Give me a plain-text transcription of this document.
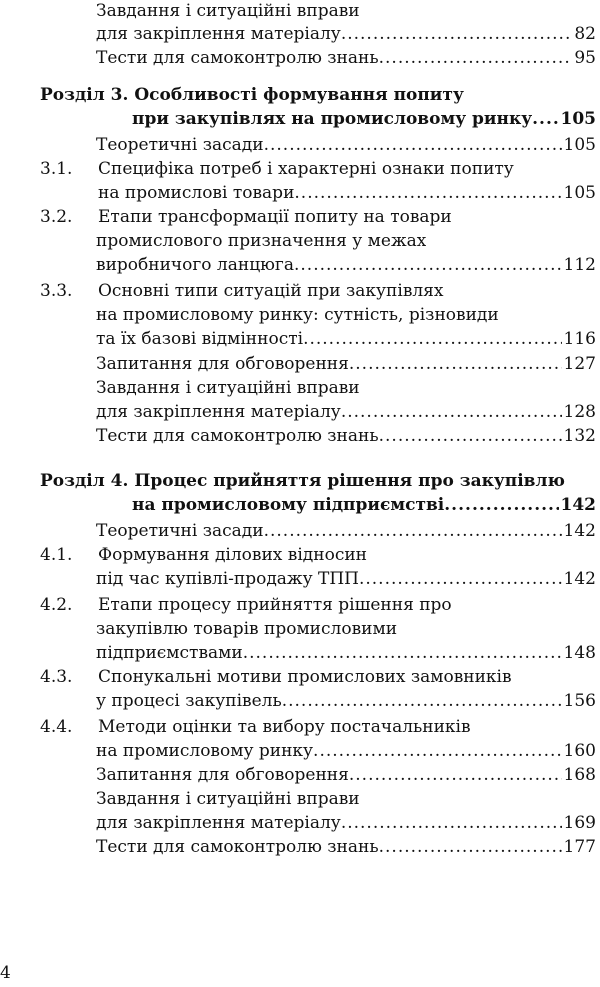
Завдання і ситуаційні вправи
для закріплення матеріалу .....	82
Тести для самоконтролю знань .....	95
Розділ 3. Особливості формування попиту
при закупівлях на промисловому ринку ..... 105
Теоретичні засади .....	105
3.1. Специфіка потреб і характерні ознаки попиту
на промислові товари .....	105
3.2. Етапи трансформації попиту на товари
промислового призначення у межах
виробничого ланцюга .....	112
3.3. Основні типи ситуацій при закупівлях
на промисловому ринку: сутність, різновиди
та їх базові відмінності .....	116
Запитання для обговорення .....	127
Завдання і ситуаційні вправи
для закріплення матеріалу .....	128
Тести для самоконтролю знань .....	132
Розділ 4. Процес прийняття рішення про закупівлю
на промисловому підприємстві .....	142
Теоретичні засади .....	142
4.1. Формування ділових відносин
під час купівлі-продажу ТПП .....	142
4.2. Етапи процесу прийняття рішення про
закупівлю товарів промисловими
підприємствами .....	148
4.3. Спонукальні мотиви промислових замовників
у процесі закупівель .....	156
4.4. Методи оцінки та вибору постачальників
на промисловому ринку .....	160
Запитання для обговорення .....	168
Завдання і ситуаційні вправи
для закріплення матеріалу .....	169
Тести для самоконтролю знань .....	177
4
